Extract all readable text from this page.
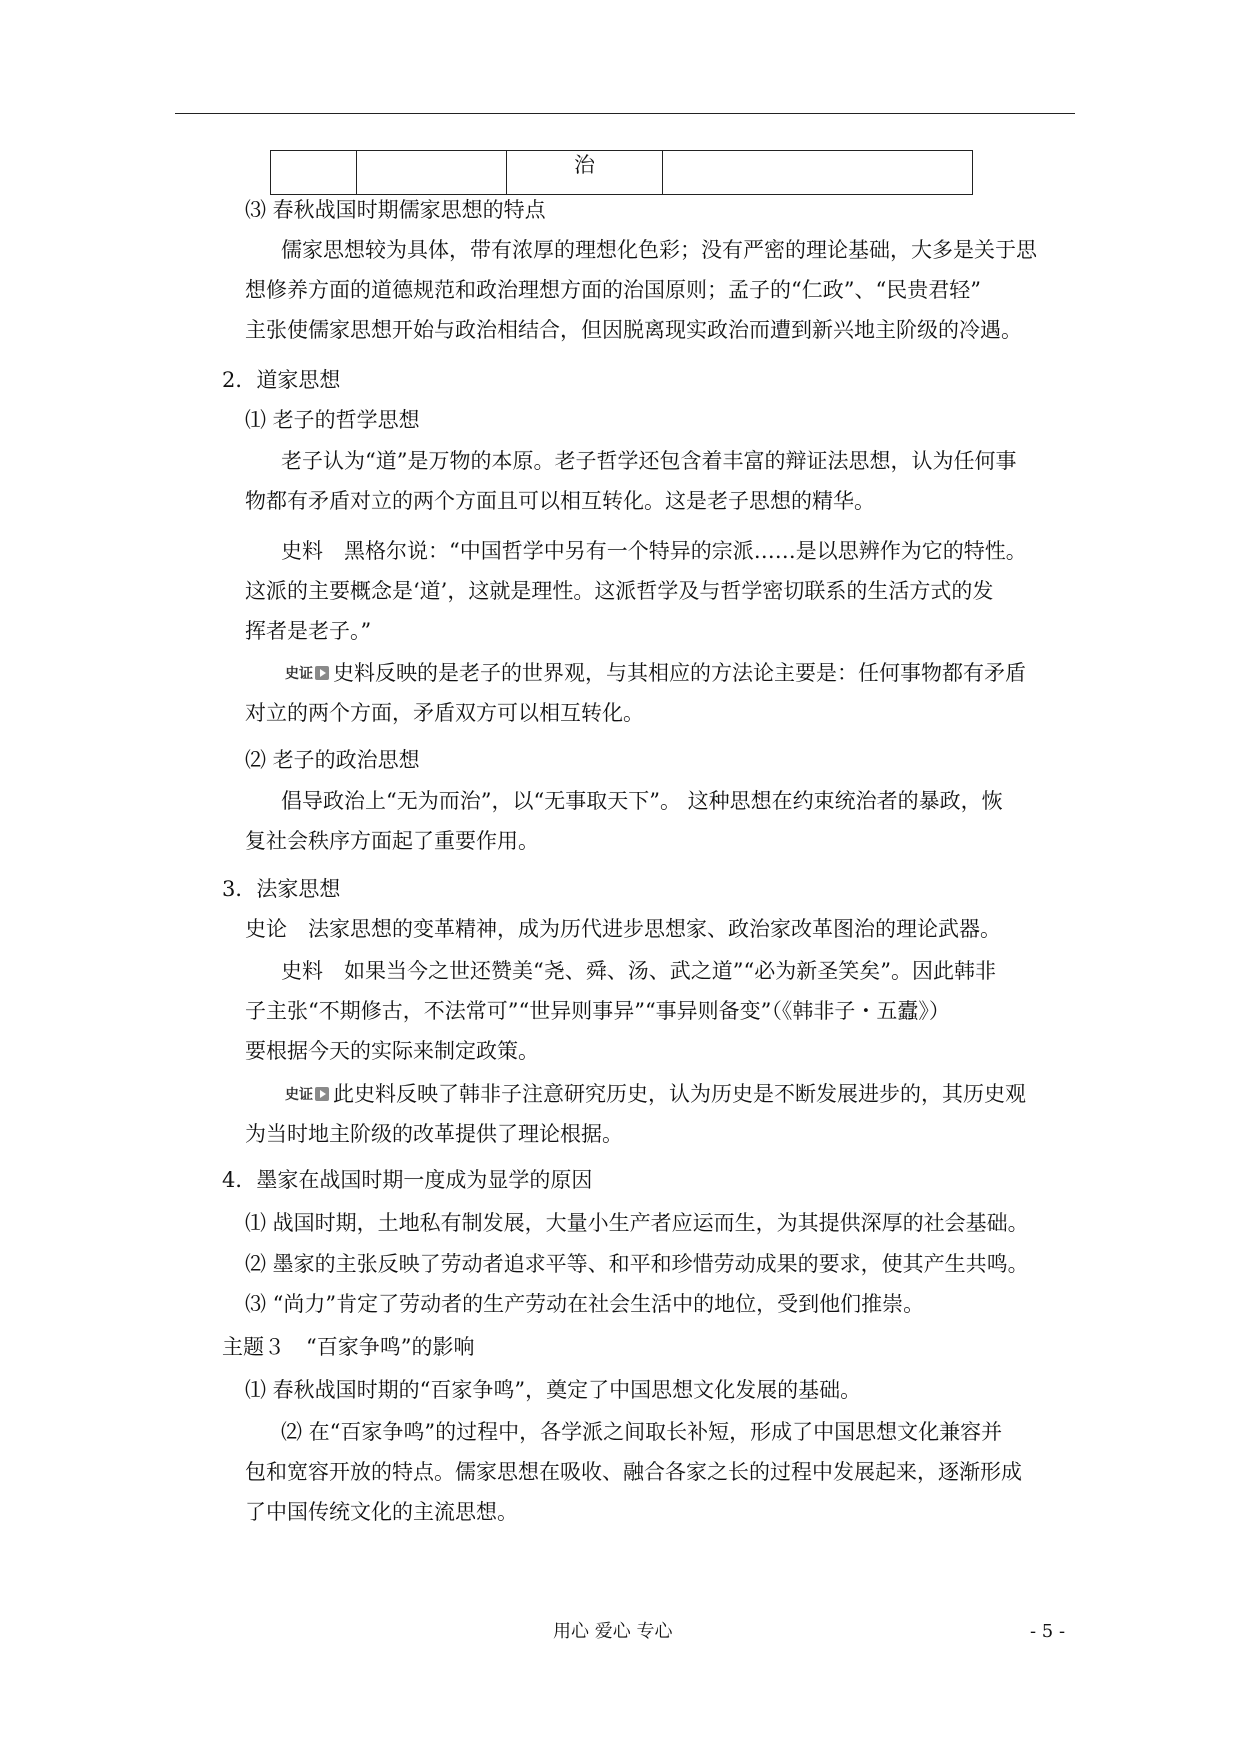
		治	
⑶ 春秋战国时期儒家思想的特点
儒家思想较为具体，带有浓厚的理想化色彩；没有严密的理论基础，大多是关于思
想修养方面的道德规范和政治理想方面的治国原则；孟子的“仁政”、“民贵君轻”
主张使儒家思想开始与政治相结合，但因脱离现实政治而遭到新兴地主阶级的冷遇。
2．道家思想
⑴ 老子的哲学思想
老子认为“道”是万物的本原。老子哲学还包含着丰富的辩证法思想，认为任何事
物都有矛盾对立的两个方面且可以相互转化。这是老子思想的精华。
史料　黑格尔说：“中国哲学中另有一个特异的宗派……是以思辨作为它的特性。
这派的主要概念是‘道’，这就是理性。这派哲学及与哲学密切联系的生活方式的发
挥者是老子。”
史证 史料反映的是老子的世界观，与其相应的方法论主要是：任何事物都有矛盾
对立的两个方面，矛盾双方可以相互转化。
⑵ 老子的政治思想
倡导政治上“无为而治”，以“无事取天下”。 这种思想在约束统治者的暴政，恢
复社会秩序方面起了重要作用。
3．法家思想
史论　法家思想的变革精神，成为历代进步思想家、政治家改革图治的理论武器。
史料　如果当今之世还赞美“尧、舜、汤、武之道”“必为新圣笑矣”。因此韩非
子主张“不期修古，不法常可”“世异则事异”“事异则备变”（《韩非子・五蠹》）
要根据今天的实际来制定政策。
史证 此史料反映了韩非子注意研究历史，认为历史是不断发展进步的，其历史观
为当时地主阶级的改革提供了理论根据。
4．墨家在战国时期一度成为显学的原因
⑴ 战国时期，土地私有制发展，大量小生产者应运而生，为其提供深厚的社会基础。
⑵ 墨家的主张反映了劳动者追求平等、和平和珍惜劳动成果的要求，使其产生共鸣。
⑶ “尚力”肯定了劳动者的生产劳动在社会生活中的地位，受到他们推崇。
主题３　“百家争鸣”的影响
⑴ 春秋战国时期的“百家争鸣”，奠定了中国思想文化发展的基础。
⑵ 在“百家争鸣”的过程中，各学派之间取长补短，形成了中国思想文化兼容并
包和宽容开放的特点。儒家思想在吸收、融合各家之长的过程中发展起来，逐渐形成
了中国传统文化的主流思想。
用心 爱心 专心	- 5 -
